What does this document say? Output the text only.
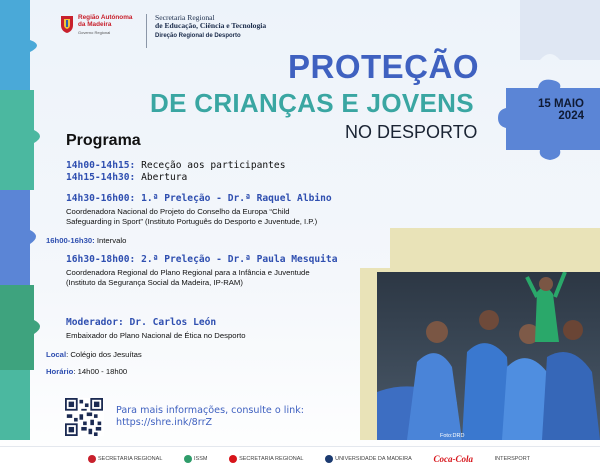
Região Autónoma
da Madeira
Governo Regional
Secretaria Regional
de Educação, Ciência e Tecnologia
Direção Regional de Desporto
PROTEÇÃO
DE CRIANÇAS E JOVENS
NO DESPORTO
15 MAIO
2024
Programa
14h00-14h15: Receção aos participantes
14h15-14h30: Abertura
14h30-16h00: 1.ª Preleção - Dr.ª Raquel Albino
Coordenadora Nacional do Projeto do Conselho da Europa “Child
Safeguarding in Sport” (Instituto Português do Desporto e Juventude, I.P.)
16h00-16h30: Intervalo
16h30-18h00: 2.ª Preleção - Dr.ª Paula Mesquita
Coordenadora Regional do Plano Regional para a Infância e Juventude
(Instituto da Segurança Social da Madeira, IP-RAM)
Moderador: Dr. Carlos León
Embaixador do Plano Nacional de Ética no Desporto
Local: Colégio dos Jesuítas
Horário: 14h00 - 18h00
Para mais informações, consulte o link:
https://shre.ink/8rrZ
Foto:DRD
SECRETARIA REGIONAL	ISSM	SECRETARIA REGIONAL	UNIVERSIDADE DA MADEIRA Coca-Cola	INTERSPORT
